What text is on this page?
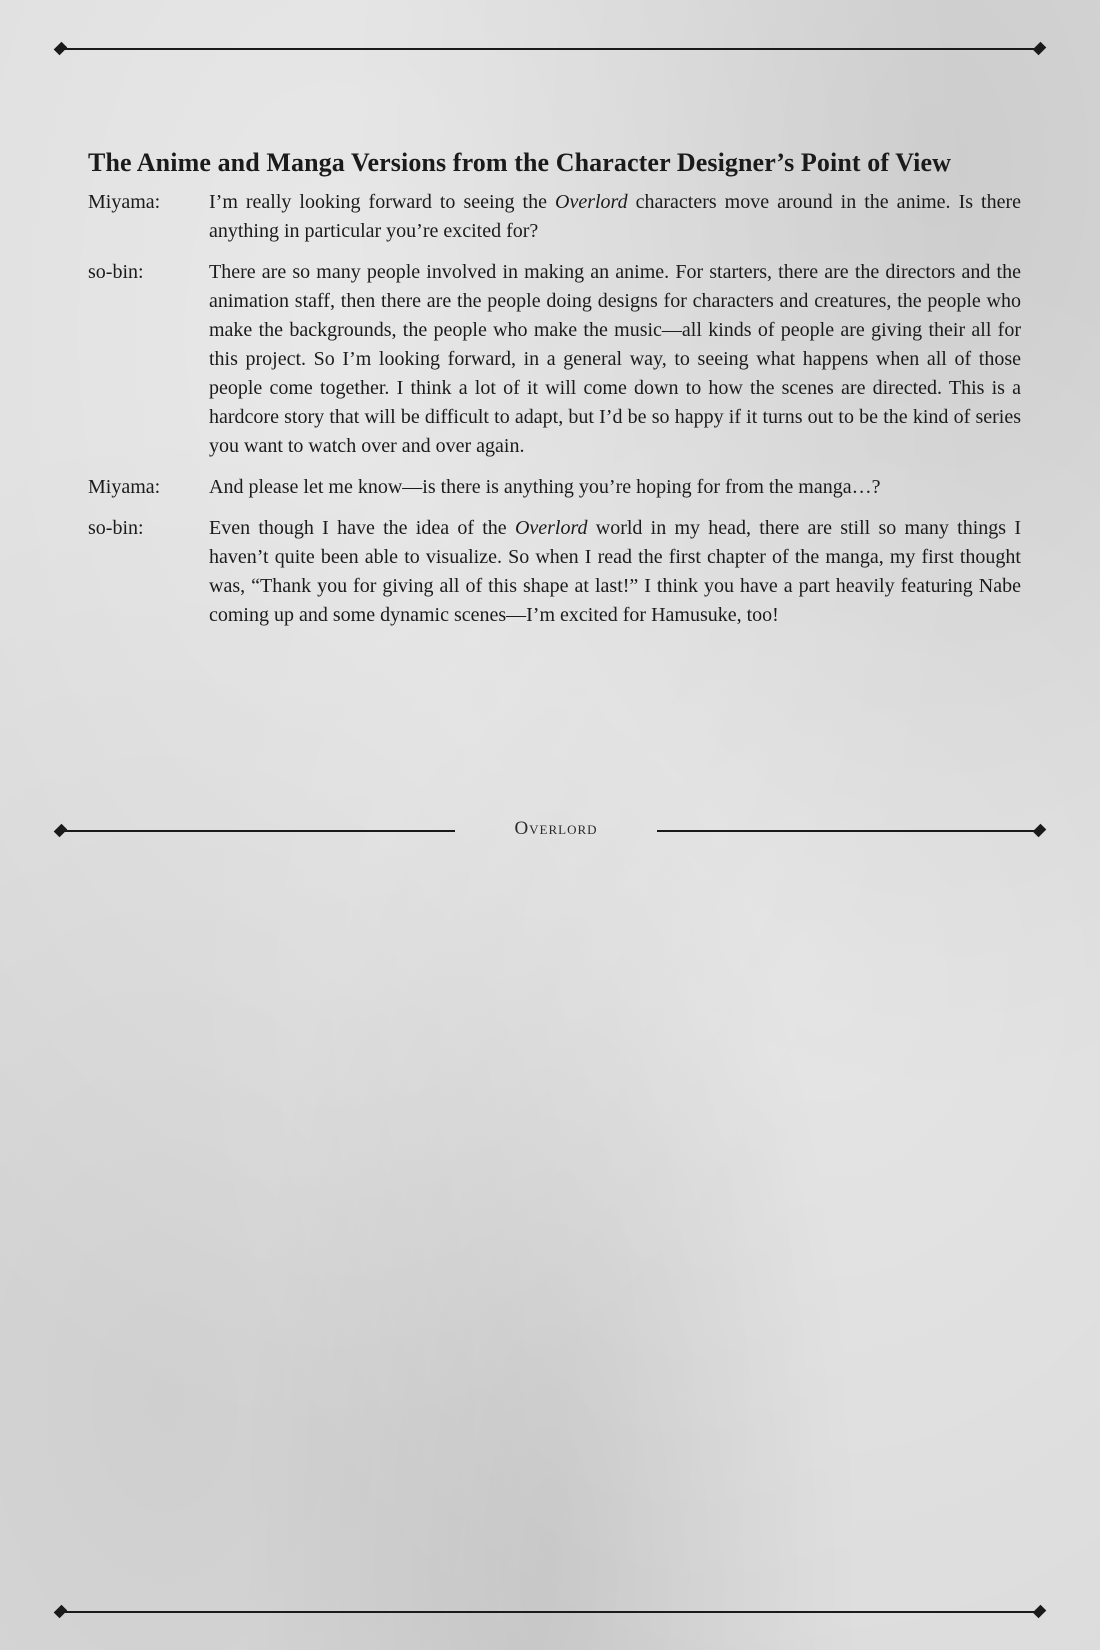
The Anime and Manga Versions from the Character Designer’s Point of View
Miyama:	I’m really looking forward to seeing the Overlord characters move around in the anime. Is there anything in particular you’re excited for?
so-bin:	There are so many people involved in making an anime. For starters, there are the directors and the animation staff, then there are the people doing designs for characters and creatures, the people who make the backgrounds, the people who make the music—all kinds of people are giving their all for this project. So I’m looking forward, in a general way, to seeing what happens when all of those people come together. I think a lot of it will come down to how the scenes are directed. This is a hardcore story that will be difficult to adapt, but I’d be so happy if it turns out to be the kind of series you want to watch over and over again.
Miyama:	And please let me know—is there is anything you’re hoping for from the manga…?
so-bin:	Even though I have the idea of the Overlord world in my head, there are still so many things I haven’t quite been able to visualize. So when I read the first chapter of the manga, my first thought was, “Thank you for giving all of this shape at last!” I think you have a part heavily featuring Nabe coming up and some dynamic scenes—I’m excited for Hamusuke, too!
Overlord
